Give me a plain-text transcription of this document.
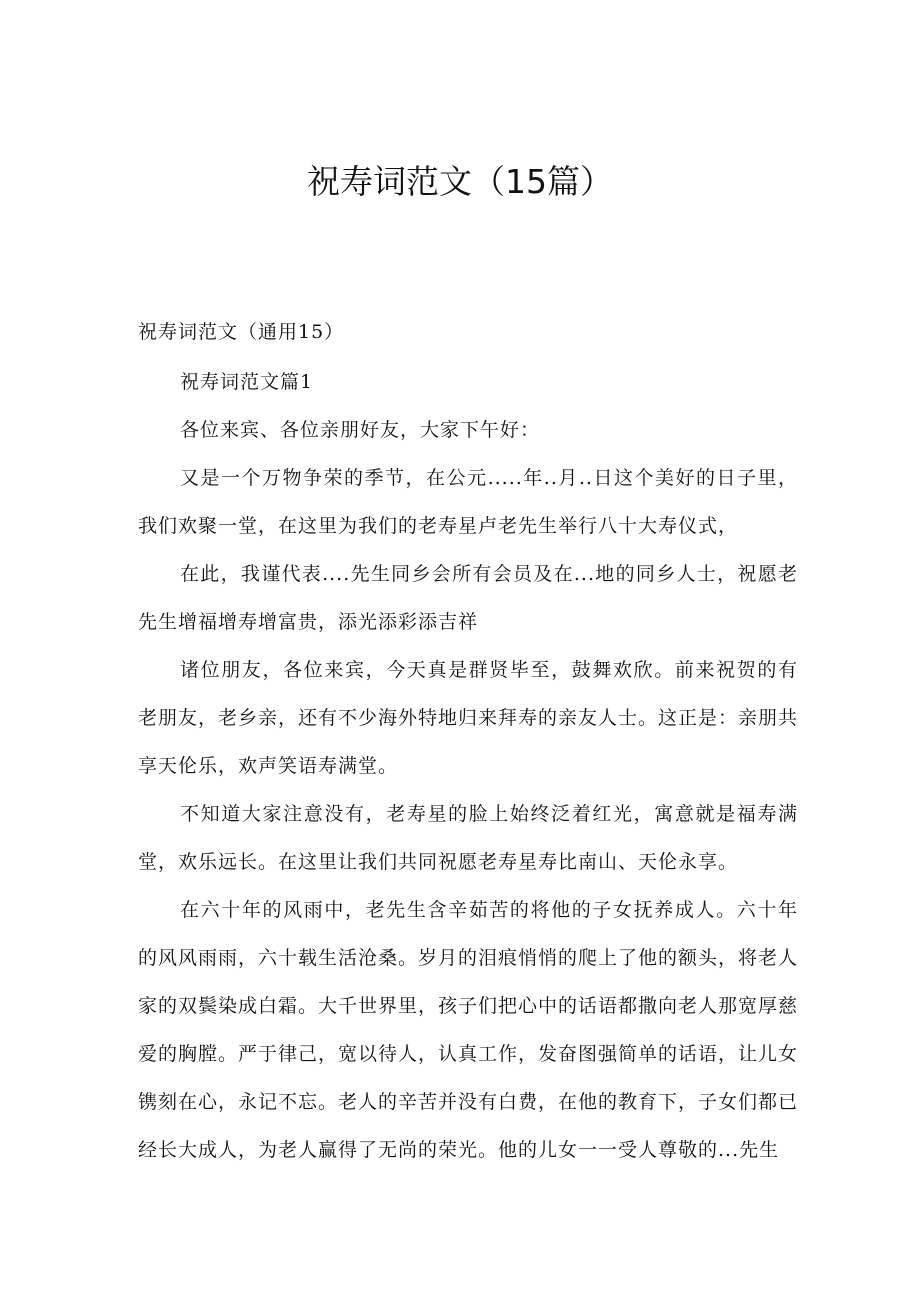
祝寿词范文（15篇）

祝寿词范文（通用15）

祝寿词范文篇1

各位来宾、各位亲朋好友，大家下午好：

又是一个万物争荣的季节，在公元.....年..月..日这个美好的日子里，我们欢聚一堂，在这里为我们的老寿星卢老先生举行八十大寿仪式，

在此，我谨代表....先生同乡会所有会员及在...地的同乡人士，祝愿老先生增福增寿增富贵，添光添彩添吉祥

诸位朋友，各位来宾，今天真是群贤毕至，鼓舞欢欣。前来祝贺的有老朋友，老乡亲，还有不少海外特地归来拜寿的亲友人士。这正是：亲朋共享天伦乐，欢声笑语寿满堂。

不知道大家注意没有，老寿星的脸上始终泛着红光，寓意就是福寿满堂，欢乐远长。在这里让我们共同祝愿老寿星寿比南山、天伦永享。

在六十年的风雨中，老先生含辛茹苦的将他的子女抚养成人。六十年的风风雨雨，六十载生活沧桑。岁月的泪痕悄悄的爬上了他的额头，将老人家的双鬓染成白霜。大千世界里，孩子们把心中的话语都撒向老人那宽厚慈爱的胸膛。严于律己，宽以待人，认真工作，发奋图强简单的话语，让儿女镌刻在心，永记不忘。老人的辛苦并没有白费，在他的教育下，子女们都已经长大成人，为老人赢得了无尚的荣光。他的儿女一一受人尊敬的...先生
